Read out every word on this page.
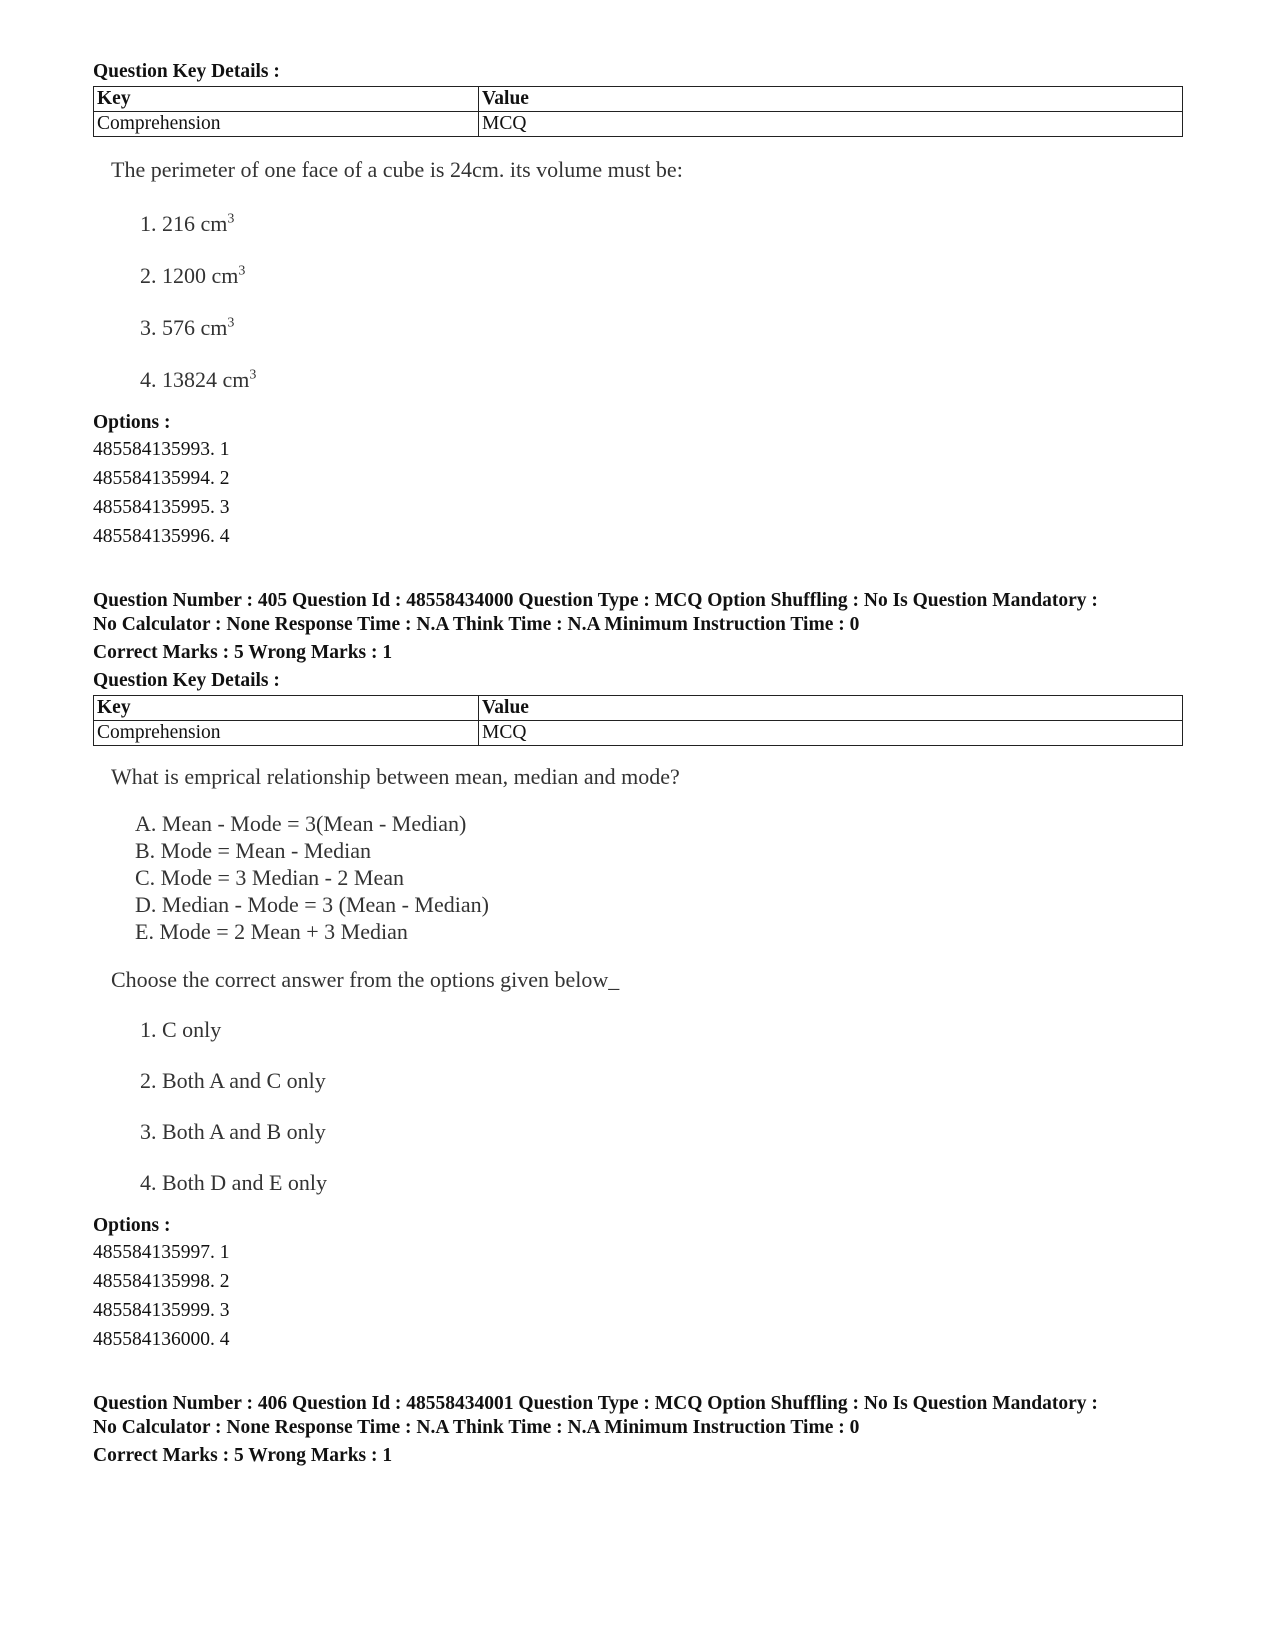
Question Key Details :
Key	Value
Comprehension	MCQ
The perimeter of one face of a cube is 24cm. its volume must be:
1. 216 $cm^3$
2. 1200 $cm^3$
3. 576 $cm^3$
4. 13824 $cm^3$
Options :
485584135993. 1
485584135994. 2
485584135995. 3
485584135996. 4
Question Number : 405 Question Id : 48558434000 Question Type : MCQ Option Shuffling : No Is Question Mandatory :
No Calculator : None Response Time : N.A Think Time : N.A Minimum Instruction Time : 0
Correct Marks : 5 Wrong Marks : 1
Question Key Details :
Key	Value
Comprehension	MCQ
What is emprical relationship between mean, median and mode?
A. Mean - Mode = 3(Mean - Median)
B. Mode = Mean - Median
C. Mode = 3 Median - 2 Mean
D. Median - Mode = 3 (Mean - Median)
E. Mode = 2 Mean + 3 Median
Choose the correct answer from the options given below_
1. C only
2. Both A and C only
3. Both A and B only
4. Both D and E only
Options :
485584135997. 1
485584135998. 2
485584135999. 3
485584136000. 4
Question Number : 406 Question Id : 48558434001 Question Type : MCQ Option Shuffling : No Is Question Mandatory :
No Calculator : None Response Time : N.A Think Time : N.A Minimum Instruction Time : 0
Correct Marks : 5 Wrong Marks : 1
